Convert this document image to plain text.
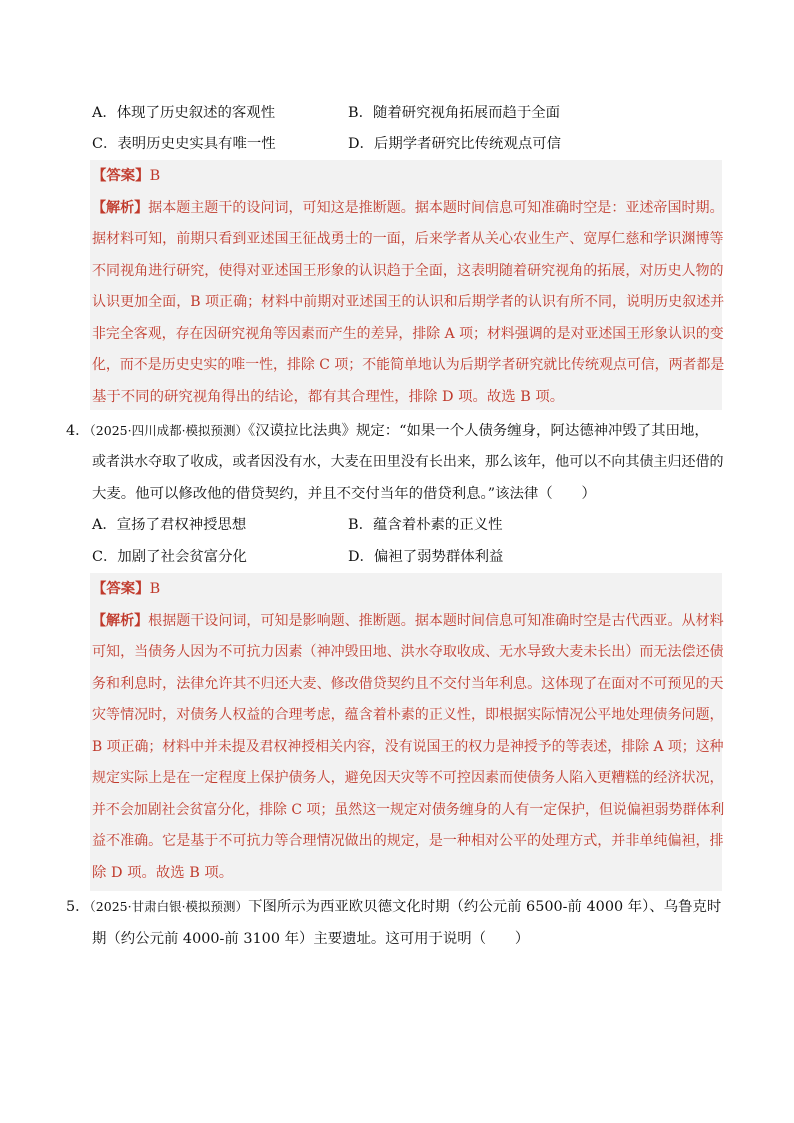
A．体现了历史叙述的客观性	B．随着研究视角拓展而趋于全面
C．表明历史史实具有唯一性	D．后期学者研究比传统观点可信
【答案】B
【解析】据本题主题干的设问词，可知这是推断题。据本题时间信息可知准确时空是：亚述帝国时期。
据材料可知，前期只看到亚述国王征战勇士的一面，后来学者从关心农业生产、宽厚仁慈和学识渊博等
不同视角进行研究，使得对亚述国王形象的认识趋于全面，这表明随着研究视角的拓展，对历史人物的
认识更加全面，B 项正确；材料中前期对亚述国王的认识和后期学者的认识有所不同，说明历史叙述并
非完全客观，存在因研究视角等因素而产生的差异，排除 A 项；材料强调的是对亚述国王形象认识的变
化，而不是历史史实的唯一性，排除 C 项；不能简单地认为后期学者研究就比传统观点可信，两者都是
基于不同的研究视角得出的结论，都有其合理性，排除 D 项。故选 B 项。
4．（2025·四川成都·模拟预测）《汉谟拉比法典》规定：“如果一个人债务缠身，阿达德神冲毁了其田地，
或者洪水夺取了收成，或者因没有水，大麦在田里没有长出来，那么该年，他可以不向其债主归还借的
大麦。他可以修改他的借贷契约，并且不交付当年的借贷利息。”该法律（　　）
A．宣扬了君权神授思想	B．蕴含着朴素的正义性
C．加剧了社会贫富分化	D．偏袒了弱势群体利益
【答案】B
【解析】根据题干设问词，可知是影响题、推断题。据本题时间信息可知准确时空是古代西亚。从材料
可知，当债务人因为不可抗力因素（神冲毁田地、洪水夺取收成、无水导致大麦未长出）而无法偿还债
务和利息时，法律允许其不归还大麦、修改借贷契约且不交付当年利息。这体现了在面对不可预见的天
灾等情况时，对债务人权益的合理考虑，蕴含着朴素的正义性，即根据实际情况公平地处理债务问题，
B 项正确；材料中并未提及君权神授相关内容，没有说国王的权力是神授予的等表述，排除 A 项；这种
规定实际上是在一定程度上保护债务人，避免因天灾等不可控因素而使债务人陷入更糟糕的经济状况，
并不会加剧社会贫富分化，排除 C 项；虽然这一规定对债务缠身的人有一定保护，但说偏袒弱势群体利
益不准确。它是基于不可抗力等合理情况做出的规定，是一种相对公平的处理方式，并非单纯偏袒，排
除 D 项。故选 B 项。
5．（2025·甘肃白银·模拟预测）下图所示为西亚欧贝德文化时期（约公元前 6500-前 4000 年）、乌鲁克时
期（约公元前 4000-前 3100 年）主要遗址。这可用于说明（　　）
